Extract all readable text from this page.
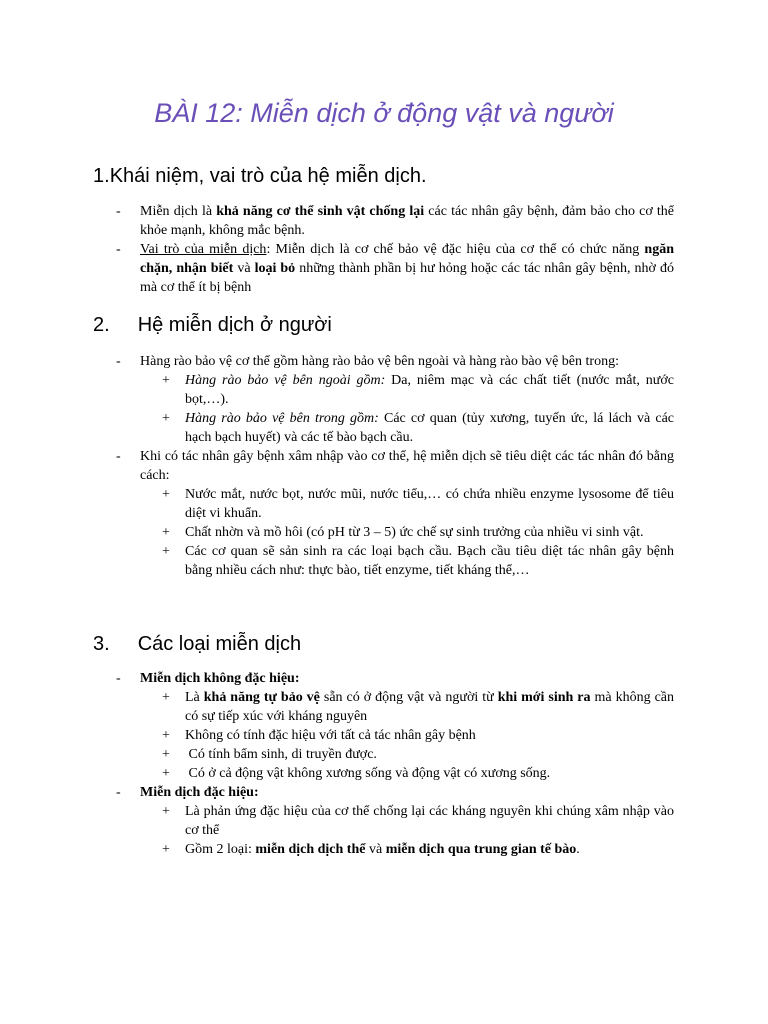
BÀI 12: Miễn dịch ở động vật và người
1.Khái niệm, vai trò của hệ miễn dịch.
- Miễn dịch là khả năng cơ thể sinh vật chống lại các tác nhân gây bệnh, đảm bảo cho cơ thể khỏe mạnh, không mắc bệnh.
- Vai trò của miễn dịch: Miễn dịch là cơ chế bảo vệ đặc hiệu của cơ thể có chức năng ngăn chặn, nhận biết và loại bỏ những thành phần bị hư hỏng hoặc các tác nhân gây bệnh, nhờ đó mà cơ thể ít bị bệnh
2. Hệ miễn dịch ở người
- Hàng rào bảo vệ cơ thể gồm hàng rào bảo vệ bên ngoài và hàng rào bào vệ bên trong:
+ Hàng rào bảo vệ bên ngoài gồm: Da, niêm mạc và các chất tiết (nước mắt, nước bọt,…).
+ Hàng rào bảo vệ bên trong gồm: Các cơ quan (tủy xương, tuyến ức, lá lách và các hạch bạch huyết) và các tế bào bạch cầu.
- Khi có tác nhân gây bệnh xâm nhập vào cơ thể, hệ miễn dịch sẽ tiêu diệt các tác nhân đó bằng cách:
+ Nước mắt, nước bọt, nước mũi, nước tiểu,… có chứa nhiều enzyme lysosome để tiêu diệt vi khuẩn.
+ Chất nhờn và mồ hôi (có pH từ 3 – 5) ức chế sự sinh trưởng của nhiều vi sinh vật.
+ Các cơ quan sẽ sản sinh ra các loại bạch cầu. Bạch cầu tiêu diệt tác nhân gây bệnh bằng nhiều cách như: thực bào, tiết enzyme, tiết kháng thể,…
3. Các loại miễn dịch
- Miễn dịch không đặc hiệu:
+ Là khả năng tự bảo vệ sẵn có ở động vật và người từ khi mới sinh ra mà không cần có sự tiếp xúc với kháng nguyên
+ Không có tính đặc hiệu với tất cả tác nhân gây bệnh
+ Có tính bẩm sinh, di truyền được.
+ Có ở cả động vật không xương sống và động vật có xương sống.
- Miễn dịch đặc hiệu:
+ Là phản ứng đặc hiệu của cơ thể chống lại các kháng nguyên khi chúng xâm nhập vào cơ thể
+ Gồm 2 loại: miễn dịch dịch thể và miễn dịch qua trung gian tế bào.
